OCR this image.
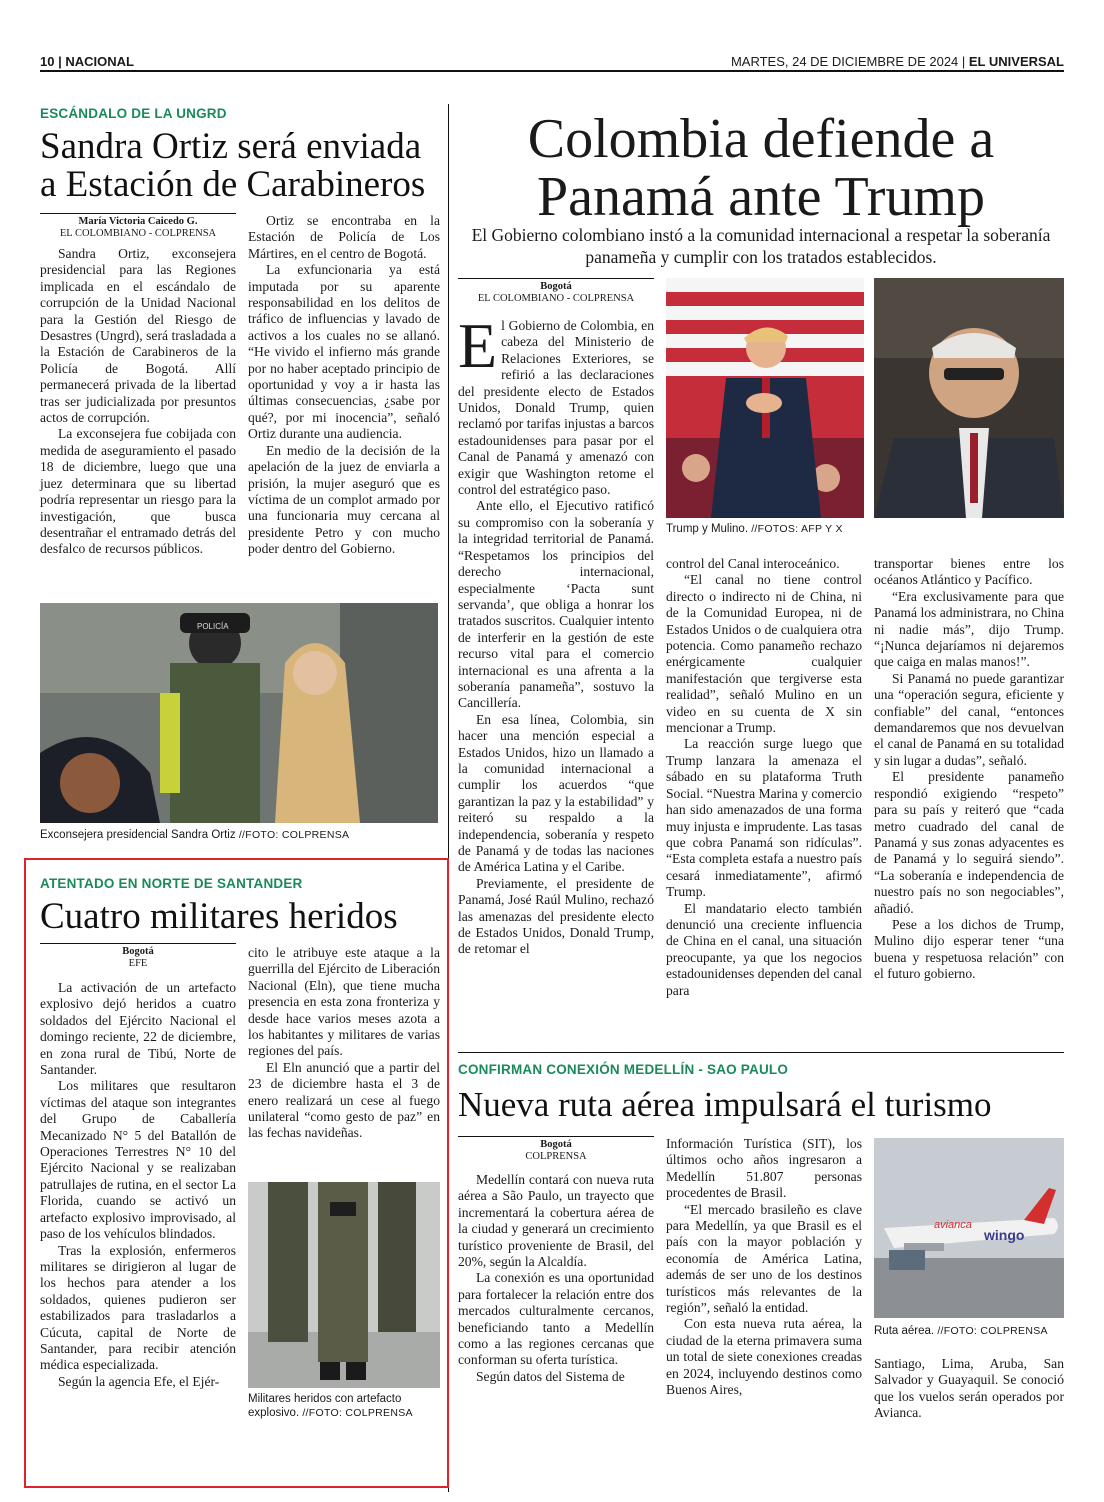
10 | NACIONAL	MARTES, 24 DE DICIEMBRE DE 2024 | EL UNIVERSAL
ESCÁNDALO DE LA UNGRD
Sandra Ortiz será enviada a Estación de Carabineros
María Victoria Caicedo G.
EL COLOMBIANO - COLPRENSA

Sandra Ortiz, exconsejera presidencial para las Regiones implicada en el escándalo de corrupción de la Unidad Nacional para la Gestión del Riesgo de Desastres (Ungrd), será trasladada a la Estación de Carabineros de la Policía de Bogotá. Allí permanecerá privada de la libertad tras ser judicializada por presuntos actos de corrupción.

La exconsejera fue cobijada con medida de aseguramiento el pasado 18 de diciembre, luego que una juez determinara que su libertad podría representar un riesgo para la investigación, que busca desentrañar el entramado detrás del desfalco de recursos públicos.

Ortiz se encontraba en la Estación de Policía de Los Mártires, en el centro de Bogotá.

La exfuncionaria ya está imputada por su aparente responsabilidad en los delitos de tráfico de influencias y lavado de activos a los cuales no se allanó. “He vivido el infierno más grande por no haber aceptado principio de oportunidad y voy a ir hasta las últimas consecuencias, ¿sabe por qué?, por mi inocencia”, señaló Ortiz durante una audiencia.

En medio de la decisión de la apelación de la juez de enviarla a prisión, la mujer aseguró que es víctima de un complot armado por una funcionaria muy cercana al presidente Petro y con mucho poder dentro del Gobierno.

POLICÍA
Exconsejera presidencial Sandra Ortiz //FOTO: COLPRENSA
ATENTADO EN NORTE DE SANTANDER
Cuatro militares heridos
Bogotá
EFE

La activación de un artefacto explosivo dejó heridos a cuatro soldados del Ejército Nacional el domingo reciente, 22 de diciembre, en zona rural de Tibú, Norte de Santander.

Los militares que resultaron víctimas del ataque son integrantes del Grupo de Caballería Mecanizado N° 5 del Batallón de Operaciones Terrestres N° 10 del Ejército Nacional y se realizaban patrullajes de rutina, en el sector La Florida, cuando se activó un artefacto explosivo improvisado, al paso de los vehículos blindados.

Tras la explosión, enfermeros militares se dirigieron al lugar de los hechos para atender a los soldados, quienes pudieron ser estabilizados para trasladarlos a Cúcuta, capital de Norte de Santander, para recibir atención médica especializada.

Según la agencia Efe, el Ejér-

cito le atribuye este ataque a la guerrilla del Ejército de Liberación Nacional (Eln), que tiene mucha presencia en esta zona fronteriza y desde hace varios meses azota a los habitantes y militares de varias regiones del país.

El Eln anunció que a partir del 23 de diciembre hasta el 3 de enero realizará un cese al fuego unilateral “como gesto de paz” en las fechas navideñas.

Militares heridos con artefacto explosivo. //FOTO: COLPRENSA
Colombia defiende a Panamá ante Trump
El Gobierno colombiano instó a la comunidad internacional a respetar la soberanía panameña y cumplir con los tratados establecidos.
Bogotá
EL COLOMBIANO - COLPRENSA

El Gobierno de Colombia, en cabeza del Ministerio de Relaciones Exteriores, se refirió a las declaraciones del presidente electo de Estados Unidos, Donald Trump, quien reclamó por tarifas injustas a barcos estadounidenses para pasar por el Canal de Panamá y amenazó con exigir que Washington retome el control del estratégico paso.

Ante ello, el Ejecutivo ratificó su compromiso con la soberanía y la integridad territorial de Panamá. “Respetamos los principios del derecho internacional, especialmente ‘Pacta sunt servanda’, que obliga a honrar los tratados suscritos. Cualquier intento de interferir en la gestión de este recurso vital para el comercio internacional es una afrenta a la soberanía panameña”, sostuvo la Cancillería.

En esa línea, Colombia, sin hacer una mención especial a Estados Unidos, hizo un llamado a la comunidad internacional a cumplir los acuerdos “que garantizan la paz y la estabilidad” y reiteró su respaldo a la independencia, soberanía y respeto de Panamá y de todas las naciones de América Latina y el Caribe.

Previamente, el presidente de Panamá, José Raúl Mulino, rechazó las amenazas del presidente electo de Estados Unidos, Donald Trump, de retomar el

Trump y Mulino. //FOTOS: AFP Y X

control del Canal interoceánico.

“El canal no tiene control directo o indirecto ni de China, ni de la Comunidad Europea, ni de Estados Unidos o de cualquiera otra potencia. Como panameño rechazo enérgicamente cualquier manifestación que tergiverse esta realidad”, señaló Mulino en un video en su cuenta de X sin mencionar a Trump.

La reacción surge luego que Trump lanzara la amenaza el sábado en su plataforma Truth Social. “Nuestra Marina y comercio han sido amenazados de una forma muy injusta e imprudente. Las tasas que cobra Panamá son ridículas”. “Esta completa estafa a nuestro país cesará inmediatamente”, afirmó Trump.

El mandatario electo también denunció una creciente influencia de China en el canal, una situación preocupante, ya que los negocios estadounidenses dependen del canal para

transportar bienes entre los océanos Atlántico y Pacífico.

“Era exclusivamente para que Panamá los administrara, no China ni nadie más”, dijo Trump. “¡Nunca dejaríamos ni dejaremos que caiga en malas manos!”.

Si Panamá no puede garantizar una “operación segura, eficiente y confiable” del canal, “entonces demandaremos que nos devuelvan el canal de Panamá en su totalidad y sin lugar a dudas”, señaló.

El presidente panameño respondió exigiendo “respeto” para su país y reiteró que “cada metro cuadrado del canal de Panamá y sus zonas adyacentes es de Panamá y lo seguirá siendo”. “La soberanía e independencia de nuestro país no son negociables”, añadió.

Pese a los dichos de Trump, Mulino dijo esperar tener “una buena y respetuosa relación” con el futuro gobierno.

CONFIRMAN CONEXIÓN MEDELLÍN - SAO PAULO
Nueva ruta aérea impulsará el turismo
Bogotá
COLPRENSA

Medellín contará con nueva ruta aérea a São Paulo, un trayecto que incrementará la cobertura aérea de la ciudad y generará un crecimiento turístico proveniente de Brasil, del 20%, según la Alcaldía.

La conexión es una oportunidad para fortalecer la relación entre dos mercados culturalmente cercanos, beneficiando tanto a Medellín como a las regiones cercanas que conforman su oferta turística.

Según datos del Sistema de

Información Turística (SIT), los últimos ocho años ingresaron a Medellín 51.807 personas procedentes de Brasil.

“El mercado brasileño es clave para Medellín, ya que Brasil es el país con la mayor población y economía de América Latina, además de ser uno de los destinos turísticos más relevantes de la región”, señaló la entidad.

Con esta nueva ruta aérea, la ciudad de la eterna primavera suma un total de siete conexiones creadas en 2024, incluyendo destinos como Buenos Aires,

avianca
wingo
Ruta aérea. //FOTO: COLPRENSA

Santiago, Lima, Aruba, San Salvador y Guayaquil. Se conoció que los vuelos serán operados por Avianca.
